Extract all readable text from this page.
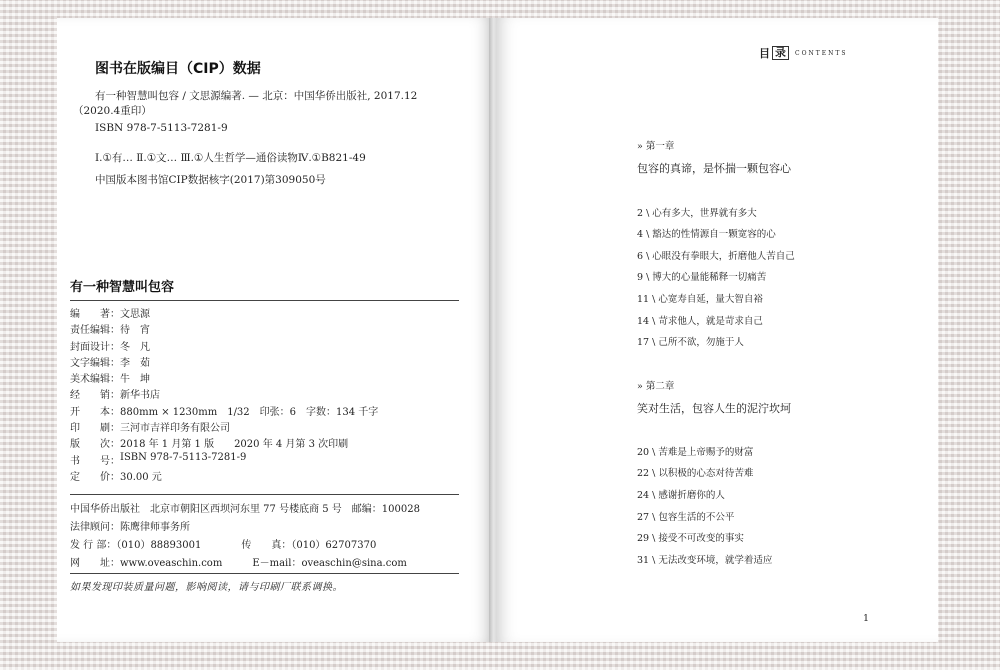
图书在版编目（CIP）数据
有一种智慧叫包容 / 文思源编著. — 北京：中国华侨出版社, 2017.12
（2020.4重印）
ISBN 978-7-5113-7281-9
Ⅰ.①有… Ⅱ.①文… Ⅲ.①人生哲学—通俗读物Ⅳ.①B821-49
中国版本图书馆CIP数据核字(2017)第309050号
有一种智慧叫包容
编　　著： 文思源
责任编辑： 待　宵
封面设计： 冬　凡
文字编辑： 李　茹
美术编辑： 牛　坤
经　　销： 新华书店
开　　本： 880mm × 1230mm　1/32　印张：6　字数：134 千字
印　　刷： 三河市吉祥印务有限公司
版　　次： 2018 年 1 月第 1 版　　2020 年 4 月第 3 次印刷
书　　号： ISBN 978-7-5113-7281-9
定　　价： 30.00 元
中国华侨出版社　北京市朝阳区西坝河东里 77 号楼底商 5 号　邮编：100028
法律顾问：陈鹰律师事务所
发 行 部：（010）88893001　　　　传　　真：（010）62707370
网　　址：www.oveaschin.com　　　E－mail：oveaschin@sina.com
如果发现印装质量问题，影响阅读，请与印刷厂联系调换。
目 录	CONTENTS
» 第一章
包容的真谛，是怀揣一颗包容心
2 \ 心有多大，世界就有多大
4 \ 豁达的性情源自一颗宽容的心
6 \ 心眼没有拳眼大，折磨他人苦自己
9 \ 博大的心量能稀释一切痛苦
11 \ 心宽寿自延，量大智自裕
14 \ 苛求他人，就是苛求自己
17 \ 己所不欲，勿施于人
» 第二章
笑对生活，包容人生的泥泞坎坷
20 \ 苦难是上帝赐予的财富
22 \ 以积极的心态对待苦难
24 \ 感谢折磨你的人
27 \ 包容生活的不公平
29 \ 接受不可改变的事实
31 \ 无法改变环境，就学着适应
1
